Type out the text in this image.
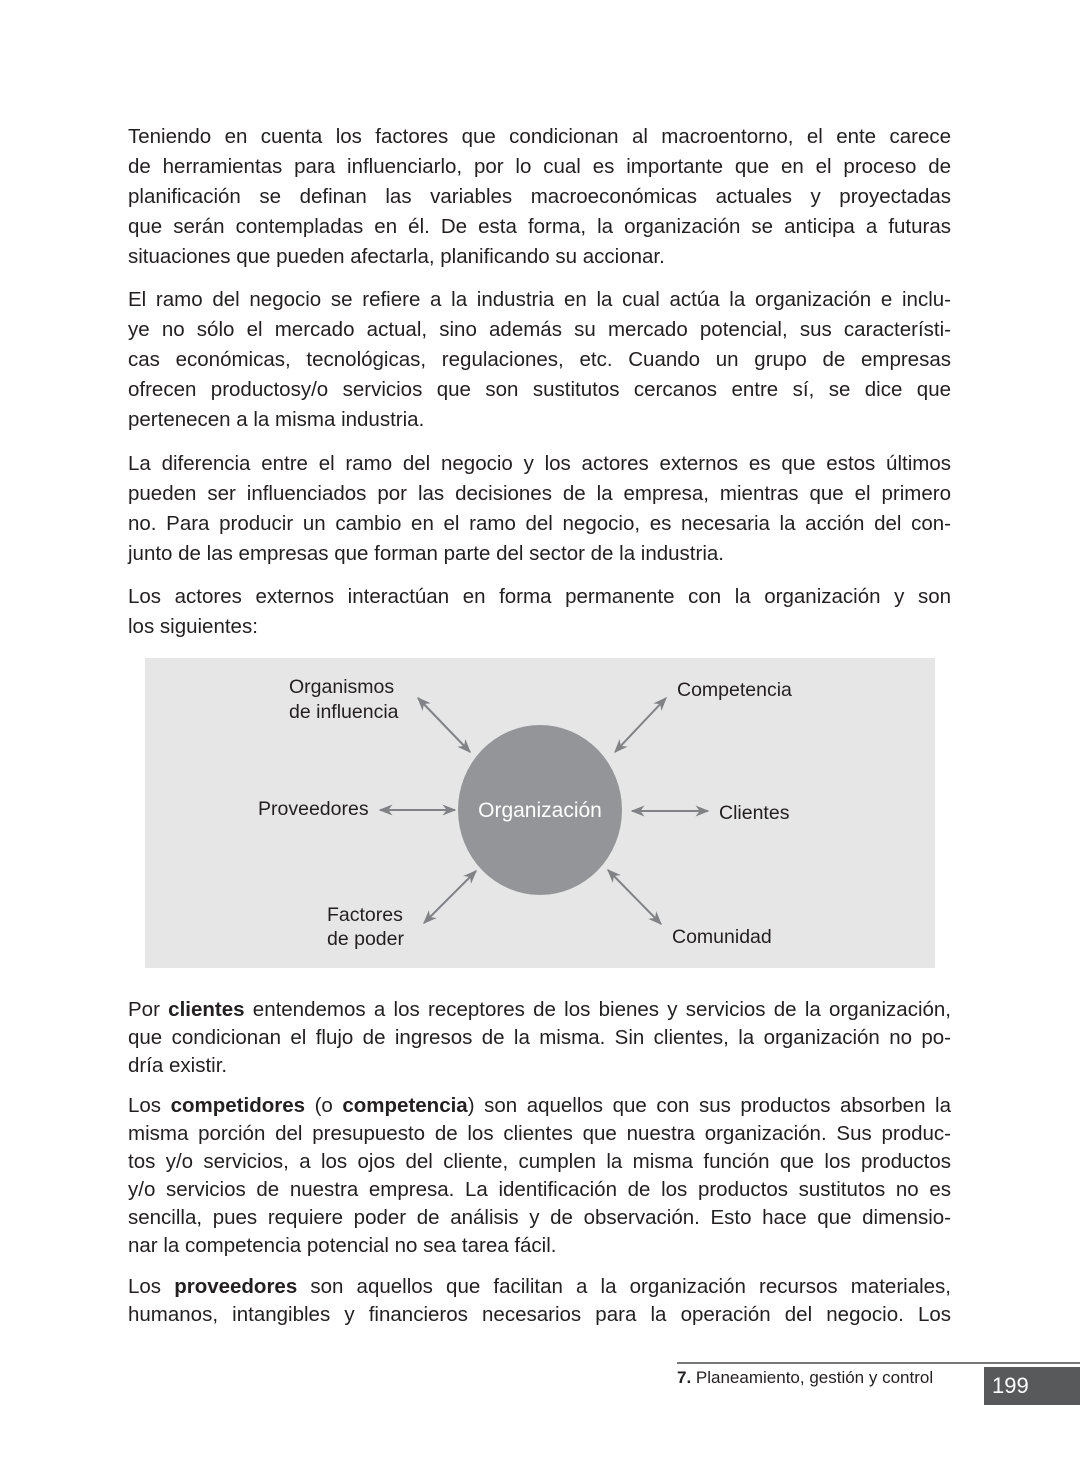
Teniendo en cuenta los factores que condicionan al macroentorno, el ente carece
de herramientas para influenciarlo, por lo cual es importante que en el proceso de
planificación se definan las variables macroeconómicas actuales y proyectadas
que serán contempladas en él. De esta forma, la organización se anticipa a futuras
situaciones que pueden afectarla, planificando su accionar.
El ramo del negocio se refiere a la industria en la cual actúa la organización e inclu-
ye no sólo el mercado actual, sino además su mercado potencial, sus característi-
cas económicas, tecnológicas, regulaciones, etc. Cuando un grupo de empresas
ofrecen productosy/o servicios que son sustitutos cercanos entre sí, se dice que
pertenecen a la misma industria.
La diferencia entre el ramo del negocio y los actores externos es que estos últimos
pueden ser influenciados por las decisiones de la empresa, mientras que el primero
no. Para producir un cambio en el ramo del negocio, es necesaria la acción del con-
junto de las empresas que forman parte del sector de la industria.
Los actores externos interactúan en forma permanente con la organización y son
los siguientes:
Organización
Organismos
de influencia
Competencia
Proveedores	Clientes
Factores
de poder	Comunidad
Por clientes entendemos a los receptores de los bienes y servicios de la organización,
que condicionan el flujo de ingresos de la misma. Sin clientes, la organización no po-
dría existir.
Los competidores (o competencia) son aquellos que con sus productos absorben la
misma porción del presupuesto de los clientes que nuestra organización. Sus produc-
tos y/o servicios, a los ojos del cliente, cumplen la misma función que los productos
y/o servicios de nuestra empresa. La identificación de los productos sustitutos no es
sencilla, pues requiere poder de análisis y de observación. Esto hace que dimensio-
nar la competencia potencial no sea tarea fácil.
Los proveedores son aquellos que facilitan a la organización recursos materiales,
humanos, intangibles y financieros necesarios para la operación del negocio. Los
7. Planeamiento, gestión y control	199
